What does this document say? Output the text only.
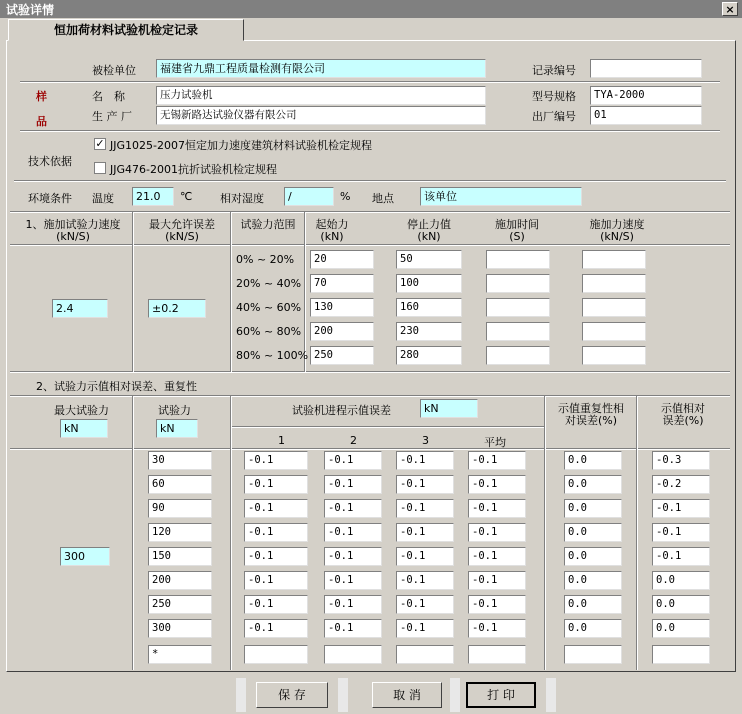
试验详情	×
恒加荷材料试验机检定记录
被检单位	福建省九鼎工程质量检测有限公司	记录编号
样
品
名　称	压力试验机
生 产 厂	无锡新路达试验仪器有限公司
型号规格	TYA-2000
出厂编号	01
技术依据
✓ JJG1025-2007恒定加力速度建筑材料试验机检定规程
JJG476-2001抗折试验机检定规程
环境条件 温度	21.0	℃	相对湿度	/	% 地点	该单位
1、施加试验力速度
(kN/S)
最大允许误差
(kN/S)
试验力范围	起始力
(kN)
停止力值
(kN)
施加时间
(S)
施加力速度
(kN/S)
2.4	±0.2
0% ~ 20%	20	50
20% ~ 40%	70	100
40% ~ 60%	130	160
60% ~ 80%	200	230
80% ~ 100% 250	280
2、试验力示值相对误差、重复性
最大试验力
kN
试验力
kN
试验机进程示值误差	kN
1	2	3	平均
示值重复性相
对误差(%)
示值相对
误差(%)
300
30	-0.1	-0.1	-0.1	-0.1	0.0	-0.3
60	-0.1	-0.1	-0.1	-0.1	0.0	-0.2
90	-0.1	-0.1	-0.1	-0.1	0.0	-0.1
120	-0.1	-0.1	-0.1	-0.1	0.0	-0.1
150	-0.1	-0.1	-0.1	-0.1	0.0	-0.1
200	-0.1	-0.1	-0.1	-0.1	0.0	0.0
250	-0.1	-0.1	-0.1	-0.1	0.0	0.0
300	-0.1	-0.1	-0.1	-0.1	0.0	0.0
*
保 存	取 消	打 印
